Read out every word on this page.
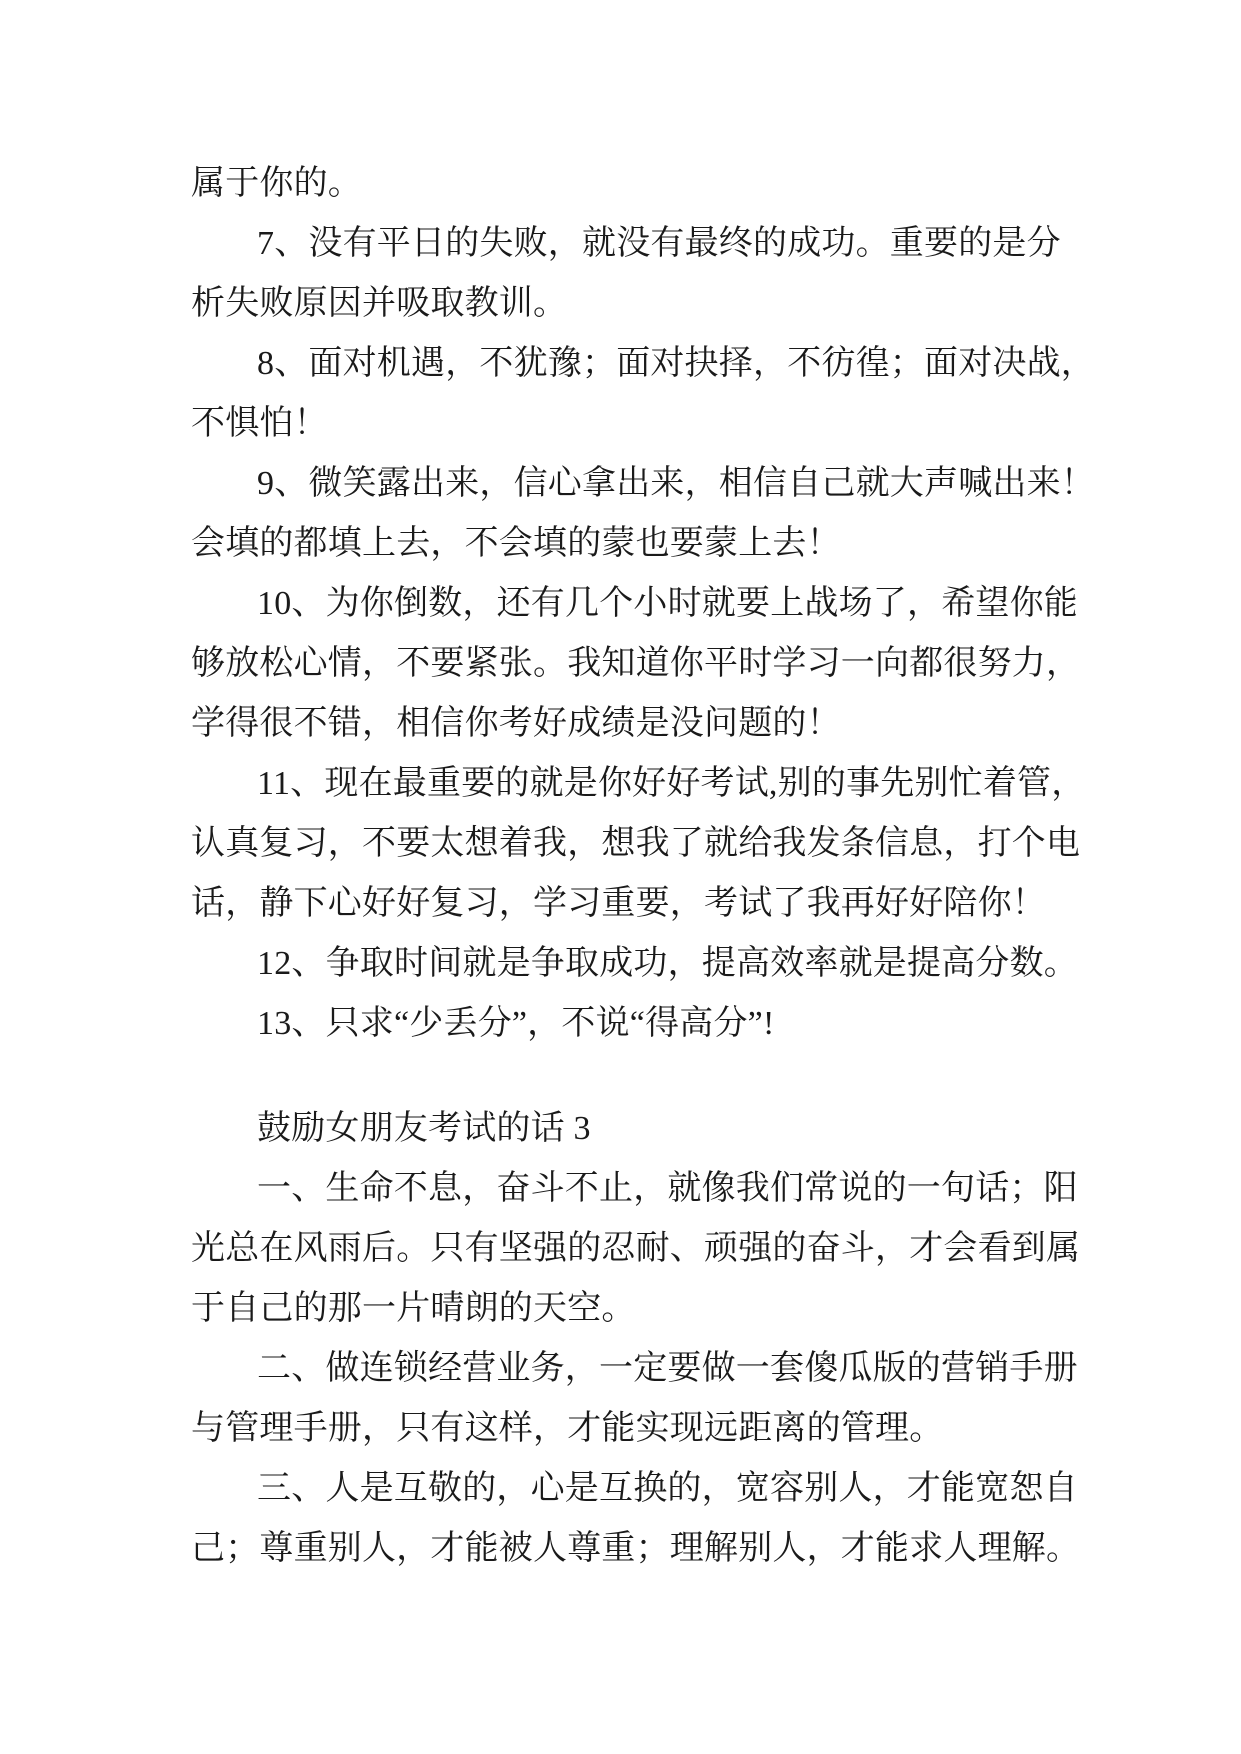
属于你的。
7、没有平日的失败，就没有最终的成功。重要的是分
析失败原因并吸取教训。
8、面对机遇，不犹豫；面对抉择，不彷徨；面对决战，
不惧怕！
9、微笑露出来，信心拿出来，相信自己就大声喊出来！
会填的都填上去，不会填的蒙也要蒙上去！
10、为你倒数，还有几个小时就要上战场了，希望你能
够放松心情，不要紧张。我知道你平时学习一向都很努力，
学得很不错，相信你考好成绩是没问题的！
11、现在最重要的就是你好好考试,别的事先别忙着管，
认真复习，不要太想着我，想我了就给我发条信息，打个电
话，静下心好好复习，学习重要，考试了我再好好陪你！
12、争取时间就是争取成功，提高效率就是提高分数。
13、只求“少丢分”，不说“得高分”!
鼓励女朋友考试的话 3
一、生命不息，奋斗不止，就像我们常说的一句话；阳
光总在风雨后。只有坚强的忍耐、顽强的奋斗，才会看到属
于自己的那一片晴朗的天空。
二、做连锁经营业务，一定要做一套傻瓜版的营销手册
与管理手册，只有这样，才能实现远距离的管理。
三、人是互敬的，心是互换的，宽容别人，才能宽恕自
己；尊重别人，才能被人尊重；理解别人，才能求人理解。
